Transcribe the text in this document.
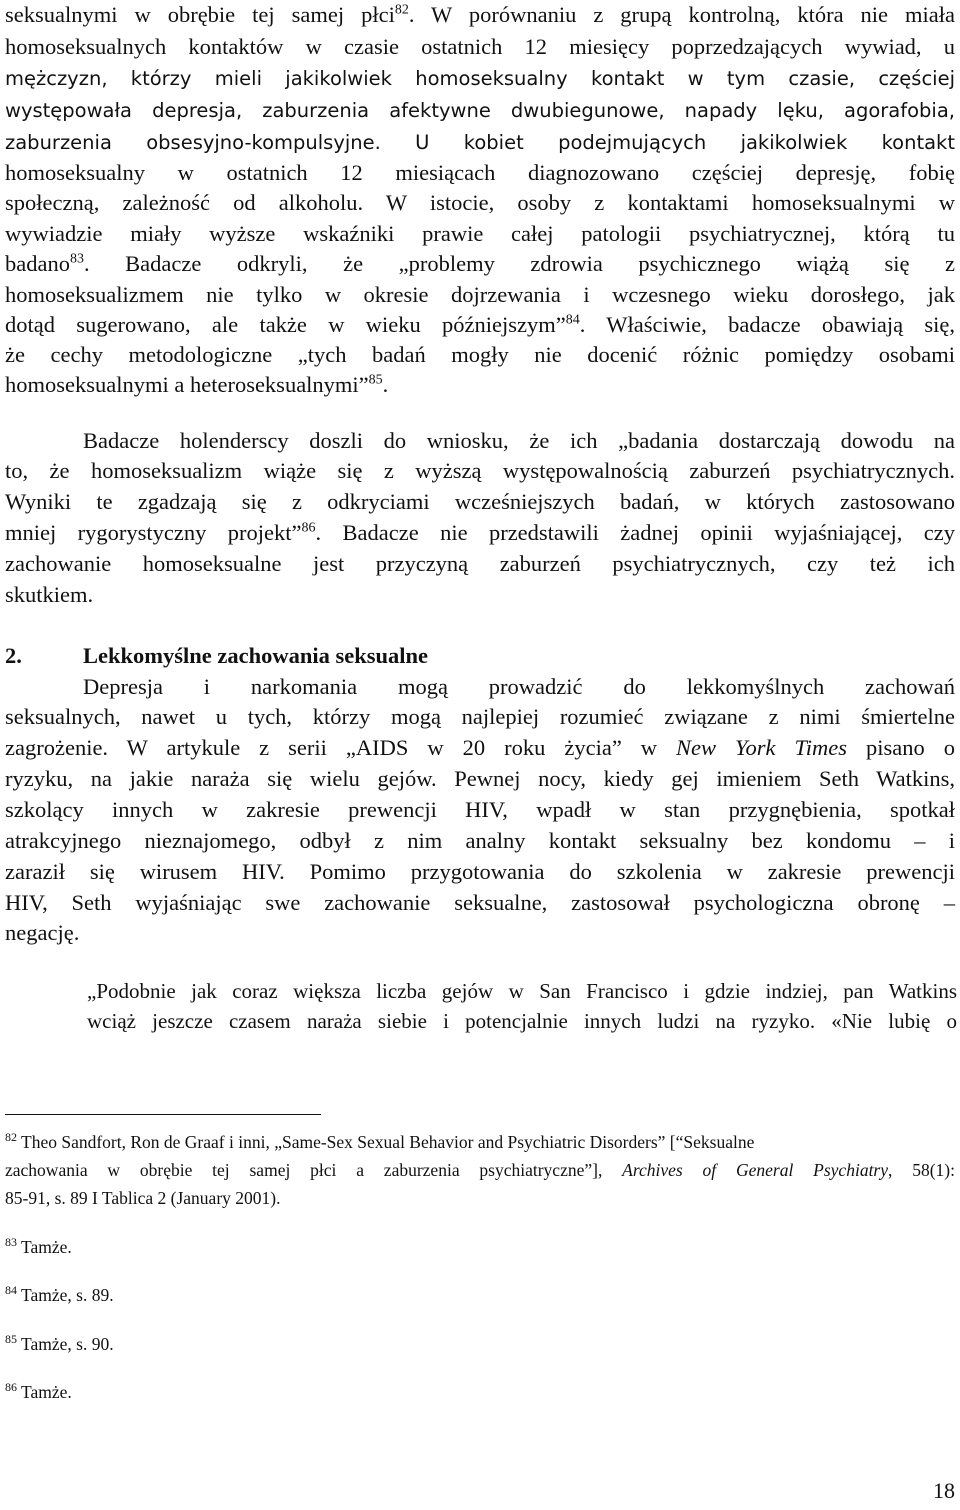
seksualnymi w obrębie tej samej płci$^{82}$. W porównaniu z grupą kontrolną, która nie miała
homoseksualnych kontaktów w czasie ostatnich 12 miesięcy poprzedzających wywiad, u
mężczyzn, którzy mieli jakikolwiek homoseksualny kontakt w tym czasie, częściej
występowała depresja, zaburzenia afektywne dwubiegunowe, napady lęku, agorafobia,
zaburzenia obsesyjno-kompulsyjne. U kobiet podejmujących jakikolwiek kontakt
homoseksualny w ostatnich 12 miesiącach diagnozowano częściej depresję, fobię
społeczną, zależność od alkoholu. W istocie, osoby z kontaktami homoseksualnymi w
wywiadzie miały wyższe wskaźniki prawie całej patologii psychiatrycznej, którą tu
badano$^{83}$. Badacze odkryli, że „problemy zdrowia psychicznego wiążą się z
homoseksualizmem nie tylko w okresie dojrzewania i wczesnego wieku dorosłego, jak
dotąd sugerowano, ale także w wieku późniejszym”$^{84}$. Właściwie, badacze obawiają się,
że cechy metodologiczne „tych badań mogły nie docenić różnic pomiędzy osobami
homoseksualnymi a heteroseksualnymi”$^{85}$.
Badacze holenderscy doszli do wniosku, że ich „badania dostarczają dowodu na
to, że homoseksualizm wiąże się z wyższą występowalnością zaburzeń psychiatrycznych.
Wyniki te zgadzają się z odkryciami wcześniejszych badań, w których zastosowano
mniej rygorystyczny projekt”$^{86}$. Badacze nie przedstawili żadnej opinii wyjaśniającej, czy
zachowanie homoseksualne jest przyczyną zaburzeń psychiatrycznych, czy też ich
skutkiem.
2.	Lekkomyślne zachowania seksualne
Depresja i narkomania mogą prowadzić do lekkomyślnych zachowań
seksualnych, nawet u tych, którzy mogą najlepiej rozumieć związane z nimi śmiertelne
zagrożenie. W artykule z serii „AIDS w 20 roku życia” w New York Times pisano o
ryzyku, na jakie naraża się wielu gejów. Pewnej nocy, kiedy gej imieniem Seth Watkins,
szkolący innych w zakresie prewencji HIV, wpadł w stan przygnębienia, spotkał
atrakcyjnego nieznajomego, odbył z nim analny kontakt seksualny bez kondomu – i
zaraził się wirusem HIV. Pomimo przygotowania do szkolenia w zakresie prewencji
HIV, Seth wyjaśniając swe zachowanie seksualne, zastosował psychologiczna obronę –
negację.
„Podobnie jak coraz większa liczba gejów w San Francisco i gdzie indziej, pan Watkins
wciąż jeszcze czasem naraża siebie i potencjalnie innych ludzi na ryzyko. «Nie lubię o
$^{82}$ Theo Sandfort, Ron de Graaf i inni, „Same-Sex Sexual Behavior and Psychiatric Disorders” [“Seksualne
zachowania w obrębie tej samej płci a zaburzenia psychiatryczne”], Archives of General Psychiatry, 58(1):
85-91, s. 89 I Tablica 2 (January 2001).
$^{83}$ Tamże.
$^{84}$ Tamże, s. 89.
$^{85}$ Tamże, s. 90.
$^{86}$ Tamże.
18
